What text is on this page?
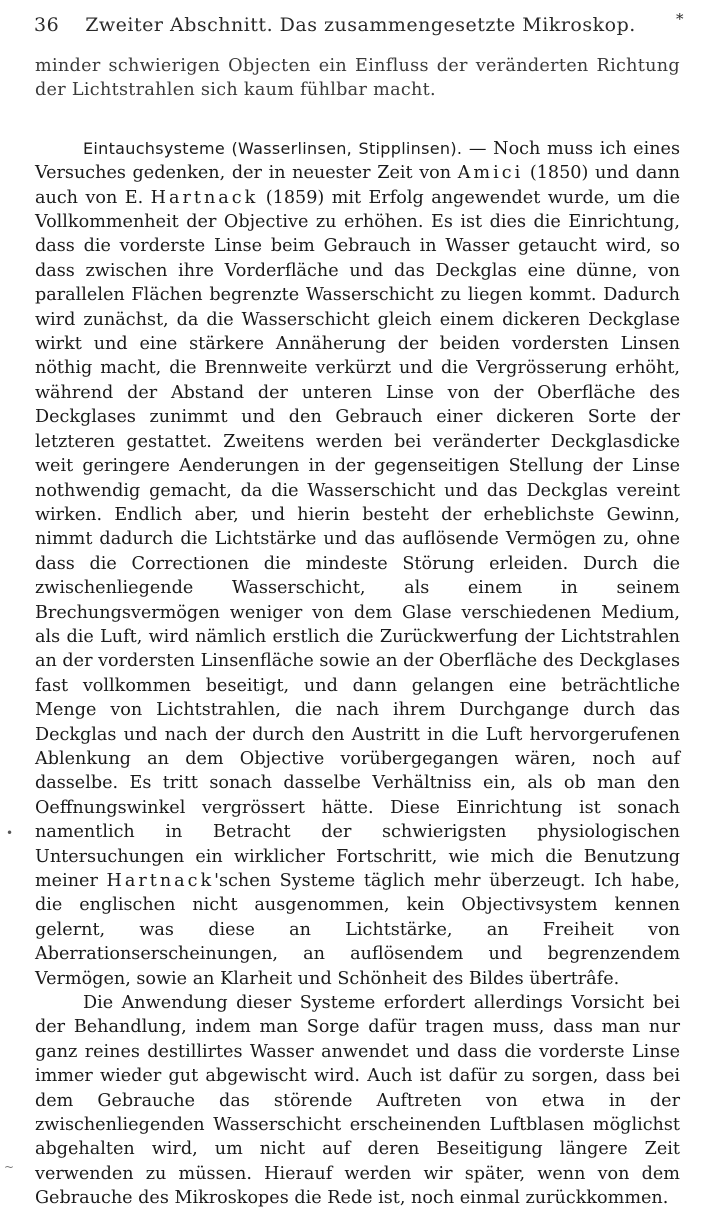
36 Zweiter Abschnitt. Das zusammengesetzte Mikroskop.	*

minder schwierigen Objecten ein Einfluss der veränderten Richtung der Lichtstrahlen sich kaum fühlbar macht.

Eintauchsysteme (Wasserlinsen, Stipplinsen). — Noch muss ich eines Versuches gedenken, der in neuester Zeit von Amici (1850) und dann auch von E. Hartnack (1859) mit Erfolg angewendet wurde, um die Vollkommenheit der Objective zu erhöhen. Es ist dies die Einrichtung, dass die vorderste Linse beim Gebrauch in Wasser getaucht wird, so dass zwischen ihre Vorderfläche und das Deckglas eine dünne, von parallelen Flächen begrenzte Wasserschicht zu liegen kommt. Dadurch wird zunächst, da die Wasserschicht gleich einem dickeren Deckglase wirkt und eine stärkere Annäherung der beiden vordersten Linsen nöthig macht, die Brennweite verkürzt und die Vergrösserung erhöht, während der Abstand der unteren Linse von der Oberfläche des Deckglases zunimmt und den Gebrauch einer dickeren Sorte der letzteren gestattet. Zweitens werden bei veränderter Deckglasdicke weit geringere Aenderungen in der gegenseitigen Stellung der Linse nothwendig gemacht, da die Wasserschicht und das Deckglas vereint wirken. Endlich aber, und hierin besteht der erheblichste Gewinn, nimmt dadurch die Lichtstärke und das auflösende Vermögen zu, ohne dass die Correctionen die mindeste Störung erleiden. Durch die zwischenliegende Wasserschicht, als einem in seinem Brechungsvermögen weniger von dem Glase verschiedenen Medium, als die Luft, wird nämlich erstlich die Zurückwerfung der Lichtstrahlen an der vordersten Linsenfläche sowie an der Oberfläche des Deckglases fast vollkommen beseitigt, und dann gelangen eine beträchtliche Menge von Lichtstrahlen, die nach ihrem Durchgange durch das Deckglas und nach der durch den Austritt in die Luft hervorgerufenen Ablenkung an dem Objective vorübergegangen wären, noch auf dasselbe. Es tritt sonach dasselbe Verhältniss ein, als ob man den Oeffnungswinkel vergrössert hätte. Diese Einrichtung ist sonach namentlich in Betracht der schwierigsten physiologischen Untersuchungen ein wirklicher Fortschritt, wie mich die Benutzung meiner Hartnack'schen Systeme täglich mehr überzeugt. Ich habe, die englischen nicht ausgenommen, kein Objectivsystem kennen gelernt, was diese an Lichtstärke, an Freiheit von Aberrationserscheinungen, an auflösendem und begrenzendem Vermögen, sowie an Klarheit und Schönheit des Bildes übertrâfe.

Die Anwendung dieser Systeme erfordert allerdings Vorsicht bei der Behandlung, indem man Sorge dafür tragen muss, dass man nur ganz reines destillirtes Wasser anwendet und dass die vorderste Linse immer wieder gut abgewischt wird. Auch ist dafür zu sorgen, dass bei dem Gebrauche das störende Auftreten von etwa in der zwischenliegenden Wasserschicht erscheinenden Luftblasen möglichst abgehalten wird, um nicht auf deren Beseitigung längere Zeit verwenden zu müssen. Hierauf werden wir später, wenn von dem Gebrauche des Mikroskopes die Rede ist, noch einmal zurückkommen.

•
~
